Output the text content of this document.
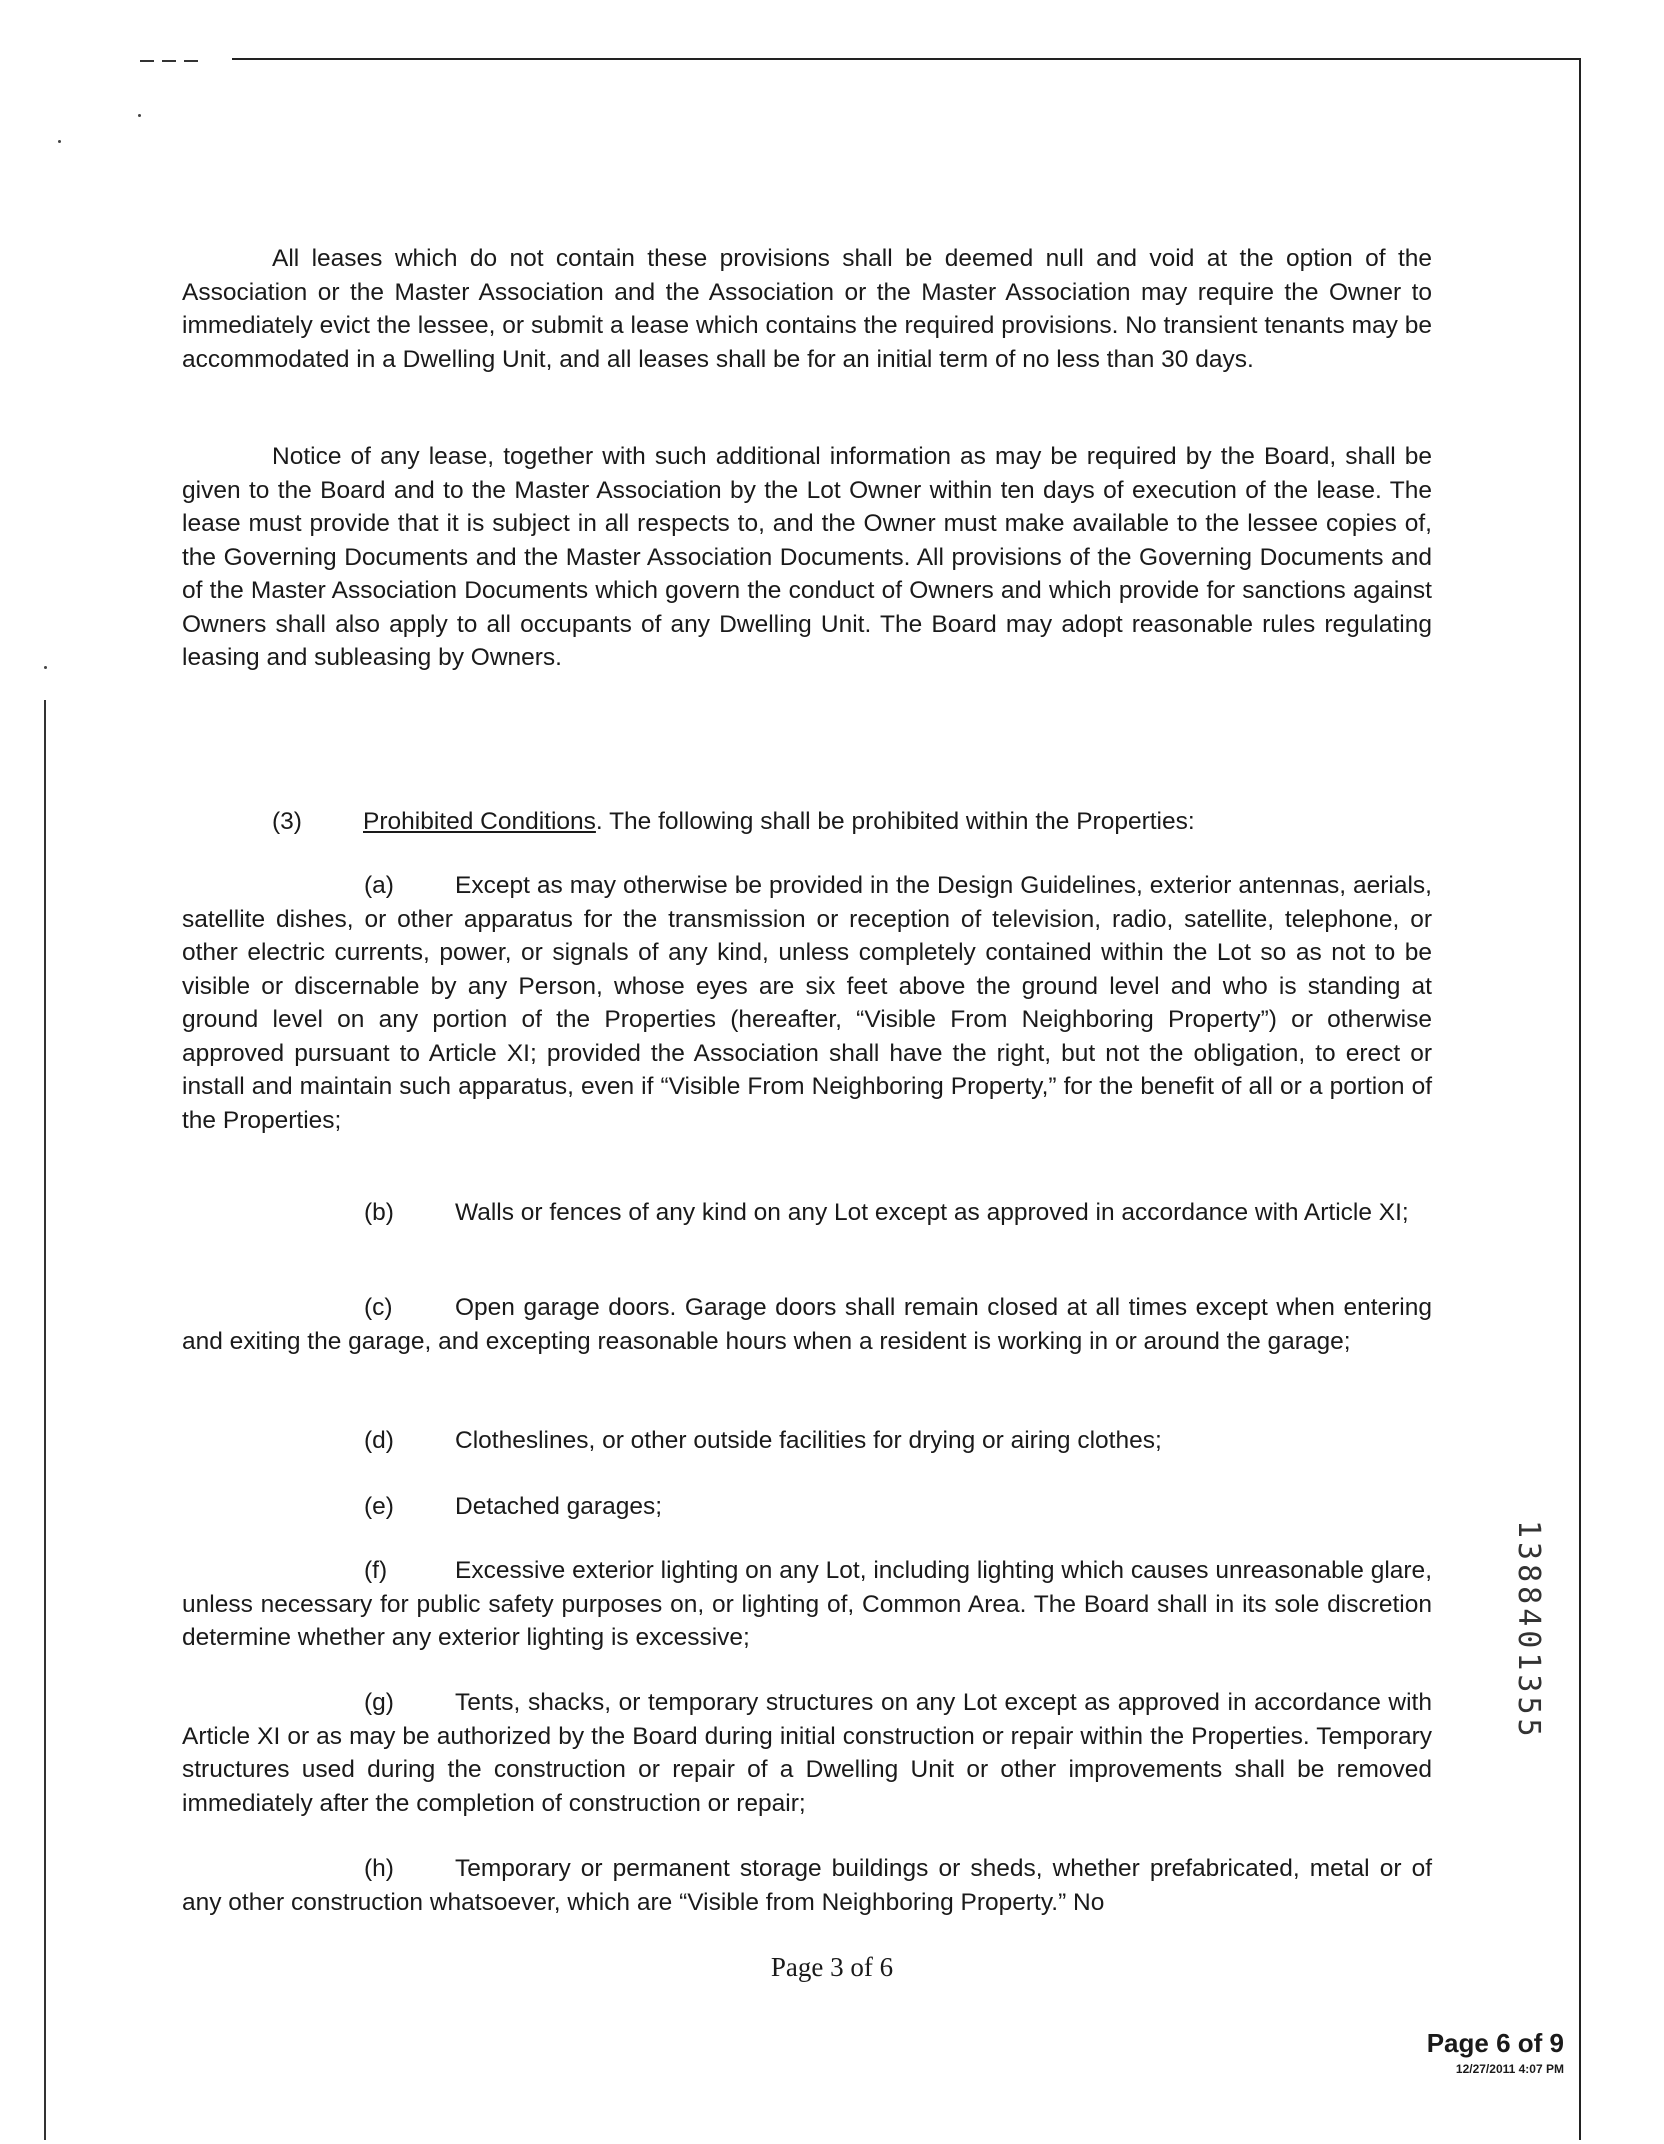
All leases which do not contain these provisions shall be deemed null and void at the option of the Association or the Master Association and the Association or the Master Association may require the Owner to immediately evict the lessee, or submit a lease which contains the required provisions. No transient tenants may be accommodated in a Dwelling Unit, and all leases shall be for an initial term of no less than 30 days.

Notice of any lease, together with such additional information as may be required by the Board, shall be given to the Board and to the Master Association by the Lot Owner within ten days of execution of the lease. The lease must provide that it is subject in all respects to, and the Owner must make available to the lessee copies of, the Governing Documents and the Master Association Documents. All provisions of the Governing Documents and of the Master Association Documents which govern the conduct of Owners and which provide for sanctions against Owners shall also apply to all occupants of any Dwelling Unit. The Board may adopt reasonable rules regulating leasing and subleasing by Owners.

(3) Prohibited Conditions. The following shall be prohibited within the Properties:
(a)	Except as may otherwise be provided in the Design Guidelines, exterior antennas, aerials, satellite dishes, or other apparatus for the transmission or reception of television, radio, satellite, telephone, or other electric currents, power, or signals of any kind, unless completely contained within the Lot so as not to be visible or discernable by any Person, whose eyes are six feet above the ground level and who is standing at ground level on any portion of the Properties (hereafter, “Visible From Neighboring Property”) or otherwise approved pursuant to Article XI; provided the Association shall have the right, but not the obligation, to erect or install and maintain such apparatus, even if “Visible From Neighboring Property,” for the benefit of all or a portion of the Properties;

(b)	Walls or fences of any kind on any Lot except as approved in accordance with Article XI;

(c)	Open garage doors. Garage doors shall remain closed at all times except when entering and exiting the garage, and excepting reasonable hours when a resident is working in or around the garage;

(d)	Clotheslines, or other outside facilities for drying or airing clothes;

(e)	Detached garages;

(f)	Excessive exterior lighting on any Lot, including lighting which causes unreasonable glare, unless necessary for public safety purposes on, or lighting of, Common Area. The Board shall in its sole discretion determine whether any exterior lighting is excessive;

(g)	Tents, shacks, or temporary structures on any Lot except as approved in accordance with Article XI or as may be authorized by the Board during initial construction or repair within the Properties. Temporary structures used during the construction or repair of a Dwelling Unit or other improvements shall be removed immediately after the completion of construction or repair;

(h)	Temporary or permanent storage buildings or sheds, whether prefabricated, metal or of any other construction whatsoever, which are “Visible from Neighboring Property.” No

1388401355
Page 3 of 6
Page 6 of 9
12/27/2011 4:07 PM
